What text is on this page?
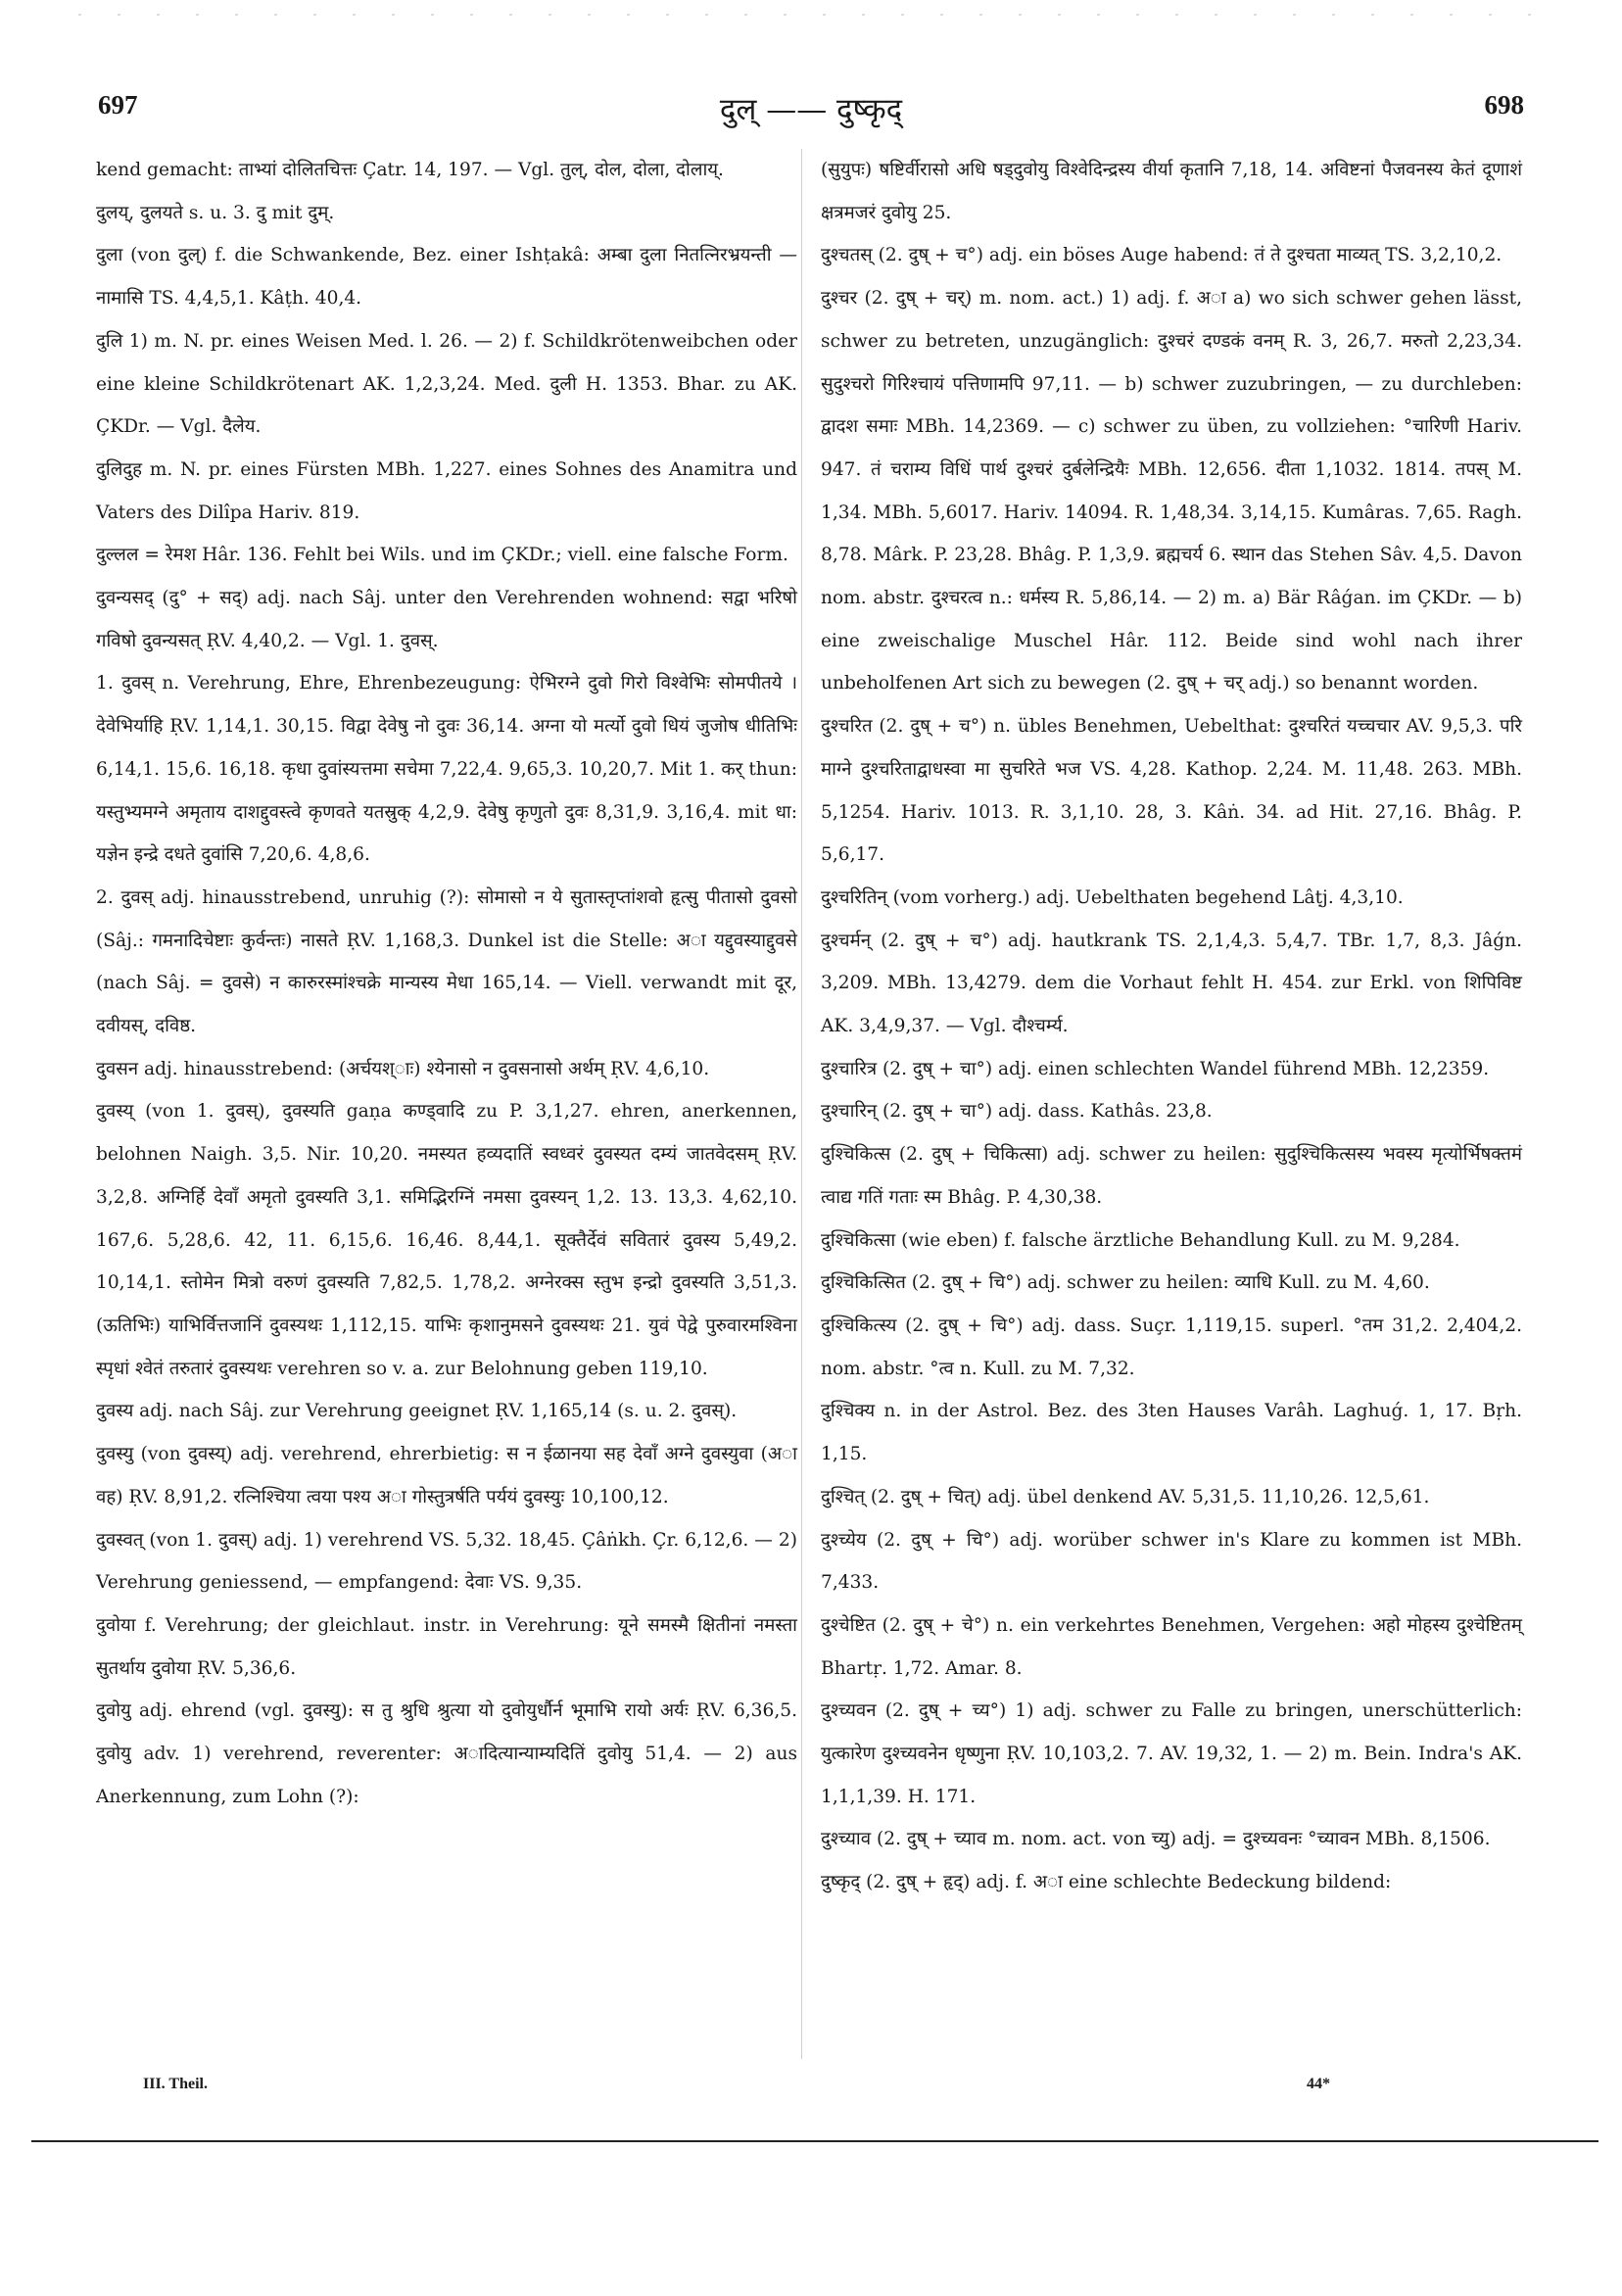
697	दुल् —— दुष्कृद्	698

kend gemacht: ताभ्यां दोलितचित्तः Çatr. 14, 197. — Vgl. तुल्, दोल, दोला, दोलाय्.

दुलय्, दुलयते s. u. 3. दु mit दुम्.

दुला (von दुल्) f. die Schwankende, Bez. einer Ishṭakâ: अम्बा दुला नितत्निरभ्रयन्ती — नामासि TS. 4,4,5,1. Kâṭh. 40,4.

दुलि 1) m. N. pr. eines Weisen Med. l. 26. — 2) f. Schildkrötenweibchen oder eine kleine Schildkrötenart AK. 1,2,3,24. Med. दुली H. 1353. Bhar. zu AK. ÇKDr. — Vgl. दैलेय.

दुलिदुह m. N. pr. eines Fürsten MBh. 1,227. eines Sohnes des Anamitra und Vaters des Dilîpa Hariv. 819.

दुल्लल = रेमश Hâr. 136. Fehlt bei Wils. und im ÇKDr.; viell. eine falsche Form.

दुवन्यसद् (दु° + सद्) adj. nach Sâj. unter den Verehrenden wohnend: सद्वा भरिषो गविषो दुवन्यसत् ṚV. 4,40,2. — Vgl. 1. दुवस्.

1. दुवस् n. Verehrung, Ehre, Ehrenbezeugung: ऐभिरग्ने दुवो गिरो विश्वेभिः सोमपीतये । देवेभिर्याहि ṚV. 1,14,1. 30,15. विद्वा देवेषु नो दुवः 36,14. अग्ना यो मर्त्यो दुवो धियं जुजोष धीतिभिः 6,14,1. 15,6. 16,18. कृधा दुवांस्यत्तमा सचेमा 7,22,4. 9,65,3. 10,20,7. Mit 1. कर् thun: यस्तुभ्यमग्ने अमृताय दाशद्दुवस्त्वे कृणवते यतस्रुक् 4,2,9. देवेषु कृणुतो दुवः 8,31,9. 3,16,4. mit धा: यज्ञेन इन्द्रे दधते दुवांसि 7,20,6. 4,8,6.

2. दुवस् adj. hinausstrebend, unruhig (?): सोमासो न ये सुतास्तृप्तांशवो हृत्सु पीतासो दुवसो (Sâj.: गमनादिचेष्टाः कुर्वन्तः) नासते ṚV. 1,168,3. Dunkel ist die Stelle: अा यद्दुवस्याद्दुवसे (nach Sâj. = दुवसे) न कारुरस्मांश्चक्रे मान्यस्य मेधा 165,14. — Viell. verwandt mit दूर, दवीयस्, दविष्ठ.

दुवसन adj. hinausstrebend: (अर्चयश्ाः) श्येनासो न दुवसनासो अर्थम् ṚV. 4,6,10.

दुवस्य् (von 1. दुवस्), दुवस्यति gaṇa कण्ड्वादि zu P. 3,1,27. ehren, anerkennen, belohnen Naigh. 3,5. Nir. 10,20. नमस्यत हव्यदातिं स्वध्वरं दुवस्यत दम्यं जातवेदसम् ṚV. 3,2,8. अग्निर्हि देवाँ अमृतो दुवस्यति 3,1. समिद्भिरग्निं नमसा दुवस्यन् 1,2. 13. 13,3. 4,62,10. 167,6. 5,28,6. 42, 11. 6,15,6. 16,46. 8,44,1. सूक्तैर्देवं सवितारं दुवस्य 5,49,2. 10,14,1. स्तोमेन मित्रो वरुणं दुवस्यति 7,82,5. 1,78,2. अग्नेरक्स स्तुभ इन्द्रो दुवस्यति 3,51,3. (ऊतिभिः) याभिर्वित्तजानिं दुवस्यथः 1,112,15. याभिः कृशानुमसने दुवस्यथः 21. युवं पेद्वे पुरुवारमश्विना स्पृधां श्वेतं तरुतारं दुवस्यथः verehren so v. a. zur Belohnung geben 119,10.

दुवस्य adj. nach Sâj. zur Verehrung geeignet ṚV. 1,165,14 (s. u. 2. दुवस्).

दुवस्यु (von दुवस्य्) adj. verehrend, ehrerbietig: स न ईळानया सह देवाँ अग्ने दुवस्युवा (अा वह) ṚV. 8,91,2. रत्निश्चिया त्वया पश्य अा गोस्तुत्रर्षति पर्ययं दुवस्युः 10,100,12.

दुवस्वत् (von 1. दुवस्) adj. 1) verehrend VS. 5,32. 18,45. Çâṅkh. Çr. 6,12,6. — 2) Verehrung geniessend, — empfangend: देवाः VS. 9,35.

दुवोया f. Verehrung; der gleichlaut. instr. in Verehrung: यूने समस्मै क्षितीनां नमस्ता सुतर्थाय दुवोया ṚV. 5,36,6.

दुवोयु adj. ehrend (vgl. दुवस्यु): स तु श्रुधि श्रुत्या यो दुवोयुर्धौर्न भूमाभि रायो अर्यः ṚV. 6,36,5. दुवोयु adv. 1) verehrend, reverenter: अादित्यान्याम्यदितिं दुवोयु 51,4. — 2) aus Anerkennung, zum Lohn (?):

(सुयुपः) षष्टिर्वीरासो अधि षड्दुवोयु विश्वेदिन्द्रस्य वीर्या कृतानि 7,18, 14. अविष्टनां पैजवनस्य केतं दूणाशं क्षत्रमजरं दुवोयु 25.

दुश्चतस् (2. दुष् + च°) adj. ein böses Auge habend: तं ते दुश्चता माव्यत् TS. 3,2,10,2.

दुश्चर (2. दुष् + चर्) m. nom. act.) 1) adj. f. अा a) wo sich schwer gehen lässt, schwer zu betreten, unzugänglich: दुश्चरं दण्डकं वनम् R. 3, 26,7. मरुतो 2,23,34. सुदुश्चरो गिरिश्चायं पत्तिणामपि 97,11. — b) schwer zuzubringen, — zu durchleben: द्वादश समाः MBh. 14,2369. — c) schwer zu üben, zu vollziehen: °चारिणी Hariv. 947. तं चराम्य विधिं पार्थ दुश्चरं दुर्बलेन्द्रियैः MBh. 12,656. दीता 1,1032. 1814. तपस् M. 1,34. MBh. 5,6017. Hariv. 14094. R. 1,48,34. 3,14,15. Kumâras. 7,65. Ragh. 8,78. Mârk. P. 23,28. Bhâg. P. 1,3,9. ब्रह्मचर्य 6. स्थान das Stehen Sâv. 4,5. Davon nom. abstr. दुश्चरत्व n.: धर्मस्य R. 5,86,14. — 2) m. a) Bär Râǵan. im ÇKDr. — b) eine zweischalige Muschel Hâr. 112. Beide sind wohl nach ihrer unbeholfenen Art sich zu bewegen (2. दुष् + चर् adj.) so benannt worden.

दुश्चरित (2. दुष् + च°) n. übles Benehmen, Uebelthat: दुश्चरितं यच्चचार AV. 9,5,3. परि माग्ने दुश्चरिताद्वाधस्वा मा सुचरिते भज VS. 4,28. Kathop. 2,24. M. 11,48. 263. MBh. 5,1254. Hariv. 1013. R. 3,1,10. 28, 3. Kâṅ. 34. ad Hit. 27,16. Bhâg. P. 5,6,17.

दुश्चरितिन् (vom vorherg.) adj. Uebelthaten begehend Lâṭj. 4,3,10.

दुश्चर्मन् (2. दुष् + च°) adj. hautkrank TS. 2,1,4,3. 5,4,7. TBr. 1,7, 8,3. Jâǵn. 3,209. MBh. 13,4279. dem die Vorhaut fehlt H. 454. zur Erkl. von शिपिविष्ट AK. 3,4,9,37. — Vgl. दौश्चर्म्य.

दुश्चारित्र (2. दुष् + चा°) adj. einen schlechten Wandel führend MBh. 12,2359.

दुश्चारिन् (2. दुष् + चा°) adj. dass. Kathâs. 23,8.

दुश्चिकित्स (2. दुष् + चिकित्सा) adj. schwer zu heilen: सुदुश्चिकित्सस्य भवस्य मृत्योर्भिषक्तमं त्वाद्य गतिं गताः स्म Bhâg. P. 4,30,38.

दुश्चिकित्सा (wie eben) f. falsche ärztliche Behandlung Kull. zu M. 9,284.

दुश्चिकित्सित (2. दुष् + चि°) adj. schwer zu heilen: व्याधि Kull. zu M. 4,60.

दुश्चिकित्स्य (2. दुष् + चि°) adj. dass. Suçr. 1,119,15. superl. °तम 31,2. 2,404,2. nom. abstr. °त्व n. Kull. zu M. 7,32.

दुश्चिक्य n. in der Astrol. Bez. des 3ten Hauses Varâh. Laghuǵ. 1, 17. Bṛh. 1,15.

दुश्चित् (2. दुष् + चित्) adj. übel denkend AV. 5,31,5. 11,10,26. 12,5,61.

दुश्च्येय (2. दुष् + चि°) adj. worüber schwer in's Klare zu kommen ist MBh. 7,433.

दुश्चेष्टित (2. दुष् + चे°) n. ein verkehrtes Benehmen, Vergehen: अहो मोहस्य दुश्चेष्टितम् Bhartṛ. 1,72. Amar. 8.

दुश्च्यवन (2. दुष् + च्य°) 1) adj. schwer zu Falle zu bringen, unerschütterlich: युत्कारेण दुश्च्यवनेन धृष्णुना ṚV. 10,103,2. 7. AV. 19,32, 1. — 2) m. Bein. Indra's AK. 1,1,1,39. H. 171.

दुश्च्याव (2. दुष् + च्याव m. nom. act. von च्यु) adj. = दुश्च्यवनः °च्यावन MBh. 8,1506.

दुष्कृद् (2. दुष् + हृद्) adj. f. अा eine schlechte Bedeckung bildend:

III. Theil.	44*
